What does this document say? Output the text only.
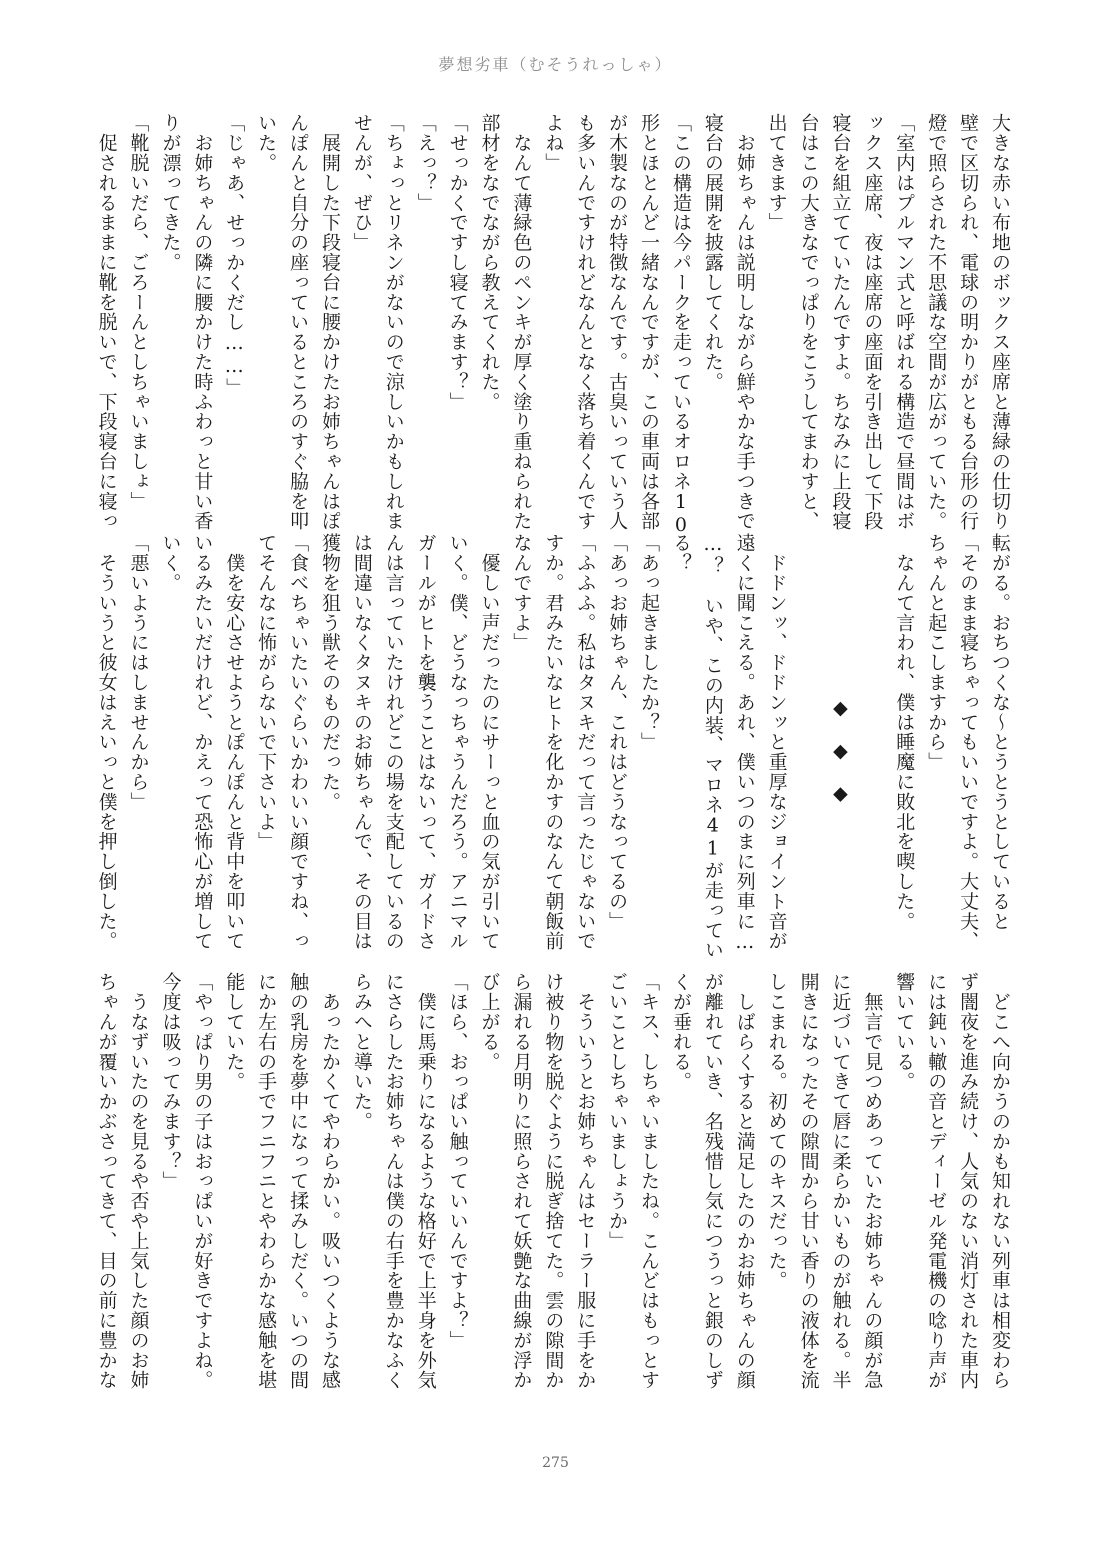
夢想劣車（むそうれっしゃ）
大きな赤い布地のボックス座席と薄緑の仕切り
壁で区切られ、電球の明かりがともる台形の行
燈で照らされた不思議な空間が広がっていた。
「室内はプルマン式と呼ばれる構造で昼間はボ
ックス座席、夜は座席の座面を引き出して下段
寝台を組立てていたんですよ。ちなみに上段寝
台はこの大きなでっぱりをこうしてまわすと、
出てきます」
　お姉ちゃんは説明しながら鮮やかな手つきで
寝台の展開を披露してくれた。
「この構造は今パークを走っているオロネ10
形とほとんど一緒なんですが、この車両は各部
が木製なのが特徴なんです。古臭いっていう人
も多いんですけれどなんとなく落ち着くんです
よね」
　なんて薄緑色のペンキが厚く塗り重ねられた
部材をなでながら教えてくれた。
「せっかくですし寝てみます？」
「えっ？」
「ちょっとリネンがないので涼しいかもしれま
せんが、ぜひ」
　展開した下段寝台に腰かけたお姉ちゃんはぽ
んぽんと自分の座っているところのすぐ脇を叩
いた。
「じゃあ、せっかくだし……」
　お姉ちゃんの隣に腰かけた時ふわっと甘い香
りが漂ってきた。
「靴脱いだら、ごろーんとしちゃいましょ」
　促されるままに靴を脱いで、下段寝台に寝っ
転がる。おちつくな～とうとうとしていると
「そのまま寝ちゃってもいいですよ。大丈夫、
ちゃんと起こしますから」
　なんて言われ、僕は睡魔に敗北を喫した。

◆　◆　◆

　ドドンッ、ドドンッと重厚なジョイント音が
遠くに聞こえる。あれ、僕いつのまに列車に…
…？　いや、この内装、マロネ41が走ってい
る？
「あっ起きましたか？」
「あっお姉ちゃん、これはどうなってるの」
「ふふふ。私はタヌキだって言ったじゃないで
すか。君みたいなヒトを化かすのなんて朝飯前
なんですよ」
　優しい声だったのにサーっと血の気が引いて
いく。僕、どうなっちゃうんだろう。アニマル
ガールがヒトを襲うことはないって、ガイドさ
んは言っていたけれどこの場を支配しているの
は間違いなくタヌキのお姉ちゃんで、その目は
獲物を狙う獣そのものだった。
「食べちゃいたいぐらいかわいい顔ですね、っ
てそんなに怖がらないで下さいよ」
　僕を安心させようとぽんぽんと背中を叩いて
いるみたいだけれど、かえって恐怖心が増して
いく。
「悪いようにはしませんから」
　そういうと彼女はえいっと僕を押し倒した。
　どこへ向かうのかも知れない列車は相変わら
ず闇夜を進み続け、人気のない消灯された車内
には鈍い轍の音とディーゼル発電機の唸り声が
響いている。
　無言で見つめあっていたお姉ちゃんの顔が急
に近づいてきて唇に柔らかいものが触れる。半
開きになったその隙間から甘い香りの液体を流
しこまれる。初めてのキスだった。
　しばらくすると満足したのかお姉ちゃんの顔
が離れていき、名残惜し気につうっと銀のしず
くが垂れる。
「キス、しちゃいましたね。こんどはもっとす
ごいことしちゃいましょうか」
　そういうとお姉ちゃんはセーラー服に手をか
け被り物を脱ぐように脱ぎ捨てた。雲の隙間か
ら漏れる月明りに照らされて妖艶な曲線が浮か
び上がる。
「ほら、おっぱい触っていいんですよ？」
　僕に馬乗りになるような格好で上半身を外気
にさらしたお姉ちゃんは僕の右手を豊かなふく
らみへと導いた。
　あったかくてやわらかい。吸いつくような感
触の乳房を夢中になって揉みしだく。いつの間
にか左右の手でフニフニとやわらかな感触を堪
能していた。
「やっぱり男の子はおっぱいが好きですよね。
今度は吸ってみます？」
　うなずいたのを見るや否や上気した顔のお姉
ちゃんが覆いかぶさってきて、目の前に豊かな
275
